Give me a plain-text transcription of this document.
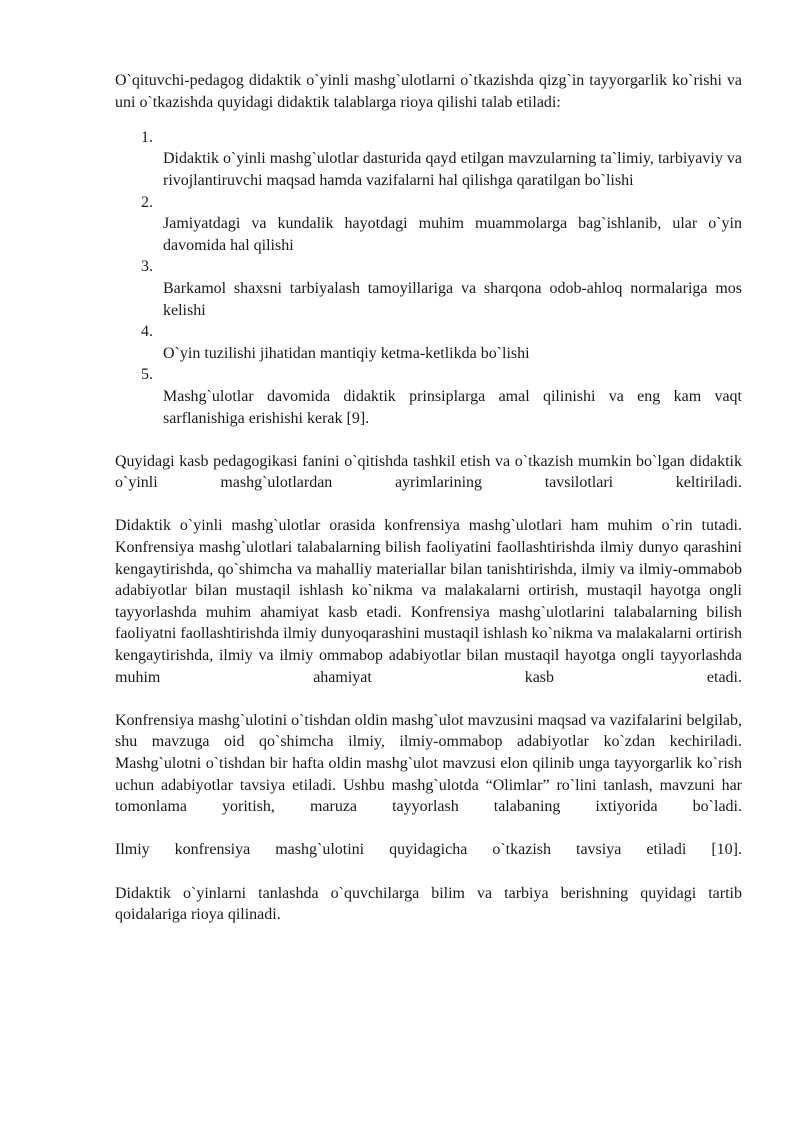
O`qituvchi-pedagog didaktik o`yinli mashg`ulotlarni o`tkazishda qizg`in tayyorgarlik ko`rishi va uni o`tkazishda quyidagi didaktik talablarga rioya qilishi talab etiladi:

1.
Didaktik o`yinli mashg`ulotlar dasturida qayd etilgan mavzularning ta`limiy, tarbiyaviy va rivojlantiruvchi maqsad hamda vazifalarni hal qilishga qaratilgan bo`lishi
2.
Jamiyatdagi va kundalik hayotdagi muhim muammolarga bag`ishlanib, ular o`yin davomida hal qilishi
3.
Barkamol shaxsni tarbiyalash tamoyillariga va sharqona odob-ahloq normalariga mos kelishi
4.
O`yin tuzilishi jihatidan mantiqiy ketma-ketlikda bo`lishi
5.
Mashg`ulotlar davomida didaktik prinsiplarga amal qilinishi va eng kam vaqt sarflanishiga erishishi kerak [9].

Quyidagi kasb pedagogikasi fanini o`qitishda tashkil etish va o`tkazish mumkin bo`lgan didaktik o`yinli mashg`ulotlardan ayrimlarining tavsilotlari keltiriladi.

Didaktik o`yinli mashg`ulotlar orasida konfrensiya mashg`ulotlari ham muhim o`rin tutadi. Konfrensiya mashg`ulotlari talabalarning bilish faoliyatini faollashtirishda ilmiy dunyo qarashini kengaytirishda, qo`shimcha va mahalliy materiallar bilan tanishtirishda, ilmiy va ilmiy-ommabob adabiyotlar bilan mustaqil ishlash ko`nikma va malakalarni ortirish, mustaqil hayotga ongli tayyorlashda muhim ahamiyat kasb etadi. Konfrensiya mashg`ulotlarini talabalarning bilish faoliyatni faollashtirishda ilmiy dunyoqarashini mustaqil ishlash ko`nikma va malakalarni ortirish kengaytirishda, ilmiy va ilmiy ommabop adabiyotlar bilan mustaqil hayotga ongli tayyorlashda muhim ahamiyat kasb etadi.

Konfrensiya mashg`ulotini o`tishdan oldin mashg`ulot mavzusini maqsad va vazifalarini belgilab, shu mavzuga oid qo`shimcha ilmiy, ilmiy-ommabop adabiyotlar ko`zdan kechiriladi. Mashg`ulotni o`tishdan bir hafta oldin mashg`ulot mavzusi elon qilinib unga tayyorgarlik ko`rish uchun adabiyotlar tavsiya etiladi. Ushbu mashg`ulotda “Olimlar” ro`lini tanlash, mavzuni har tomonlama yoritish, maruza tayyorlash talabaning ixtiyorida bo`ladi.

Ilmiy konfrensiya mashg`ulotini quyidagicha o`tkazish tavsiya etiladi [10].

Didaktik o`yinlarni tanlashda o`quvchilarga bilim va tarbiya berishning quyidagi tartib qoidalariga rioya qilinadi.
